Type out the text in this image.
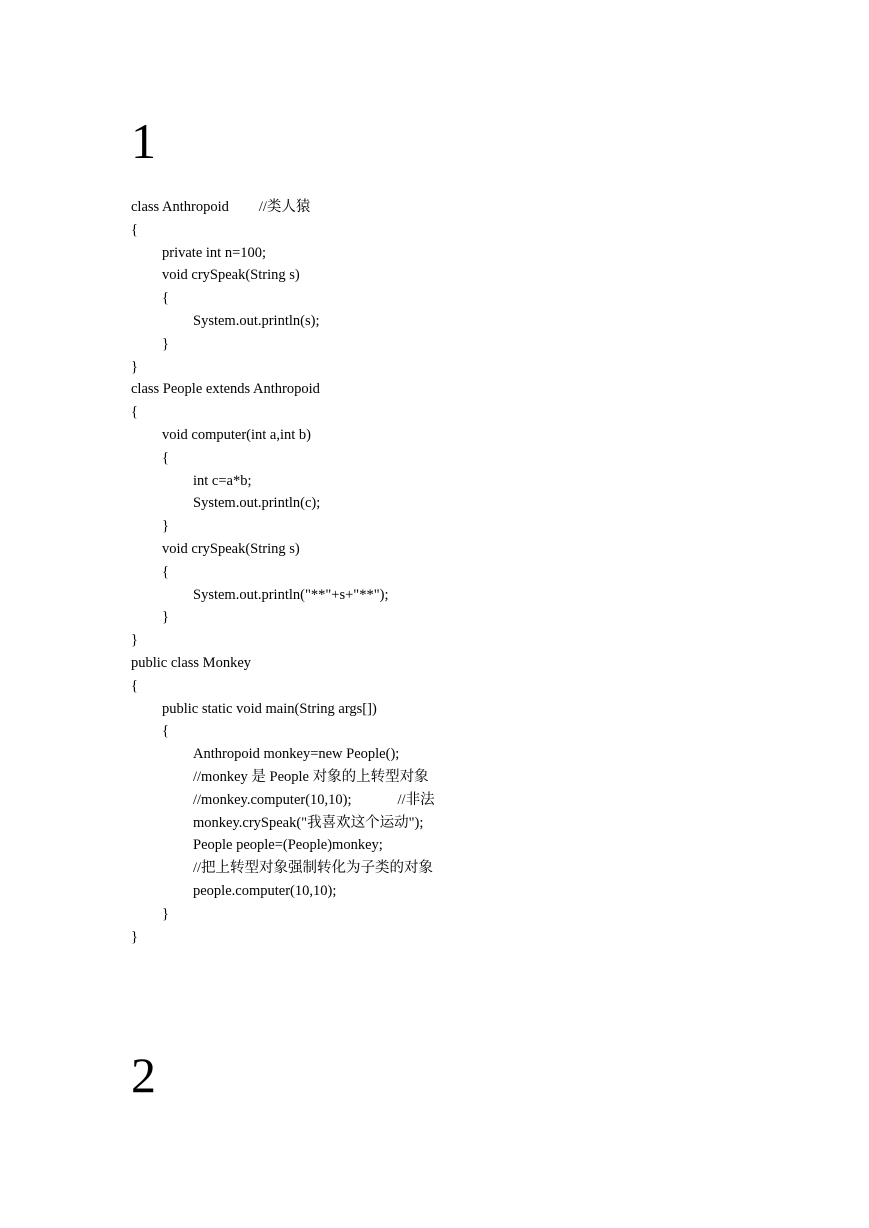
1
class Anthropoid //类人猿
{
private int n=100;
void crySpeak(String s)
{
System.out.println(s);
}
}
class People extends Anthropoid
{
void computer(int a,int b)
{
int c=a*b;
System.out.println(c);
}
void crySpeak(String s)
{
System.out.println("**"+s+"**");
}
}
public class Monkey
{
public static void main(String args[])
{
Anthropoid monkey=new People();
//monkey 是 People 对象的上转型对象
//monkey.computer(10,10);	//非法
monkey.crySpeak("我喜欢这个运动");
People people=(People)monkey;
//把上转型对象强制转化为子类的对象
people.computer(10,10);
}
}
2
